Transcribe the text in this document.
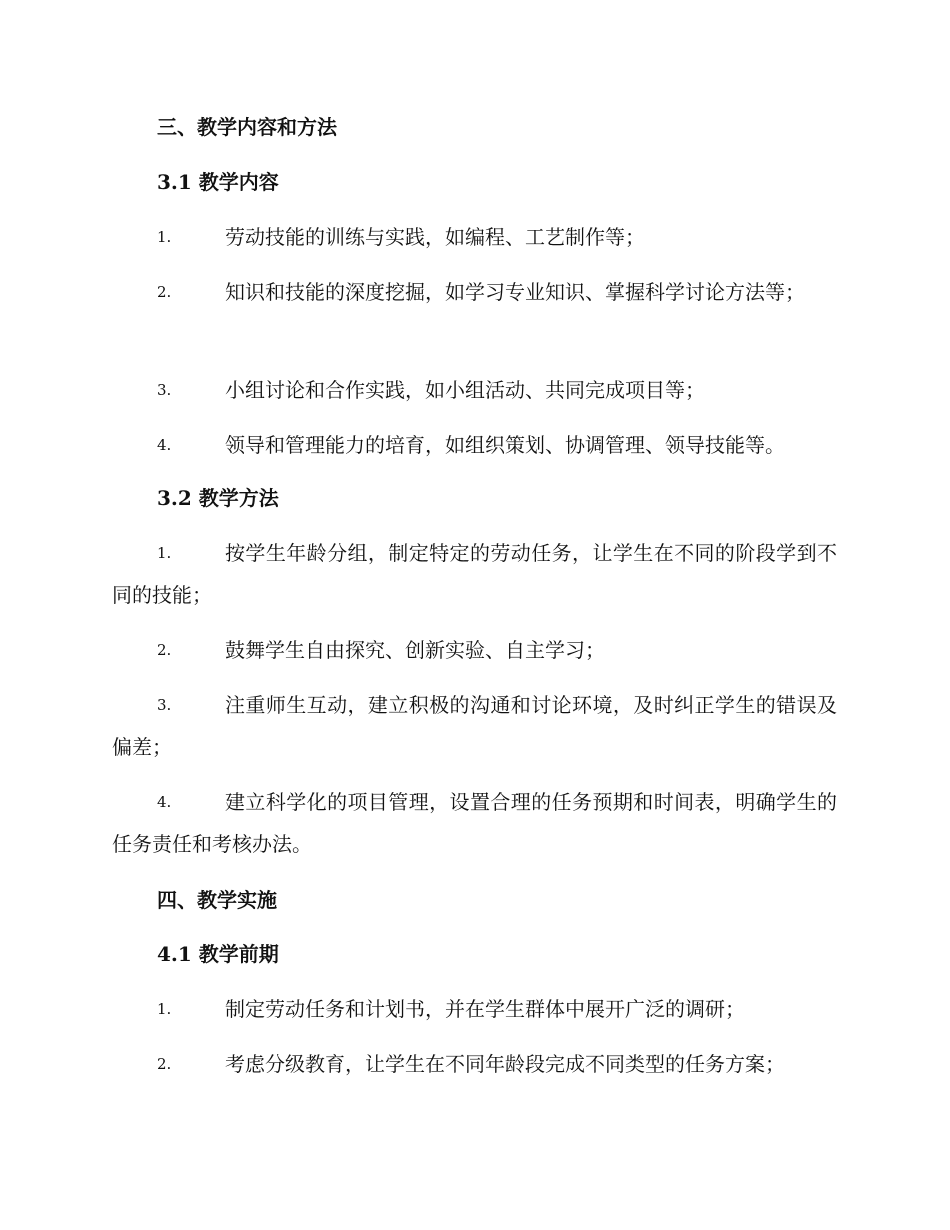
三、教学内容和方法
3.1 教学内容
1.	劳动技能的训练与实践，如编程、工艺制作等；
2.	知识和技能的深度挖掘，如学习专业知识、掌握科学讨论方法等；
3.	小组讨论和合作实践，如小组活动、共同完成项目等；
4.	领导和管理能力的培育，如组织策划、协调管理、领导技能等。
3.2 教学方法
1.	按学生年龄分组，制定特定的劳动任务，让学生在不同的阶段学到不同的技能；
2.	鼓舞学生自由探究、创新实验、自主学习；
3.	注重师生互动，建立积极的沟通和讨论环境，及时纠正学生的错误及偏差；
4.	建立科学化的项目管理，设置合理的任务预期和时间表，明确学生的任务责任和考核办法。
四、教学实施
4.1 教学前期
1.	制定劳动任务和计划书，并在学生群体中展开广泛的调研；
2.	考虑分级教育，让学生在不同年龄段完成不同类型的任务方案；
